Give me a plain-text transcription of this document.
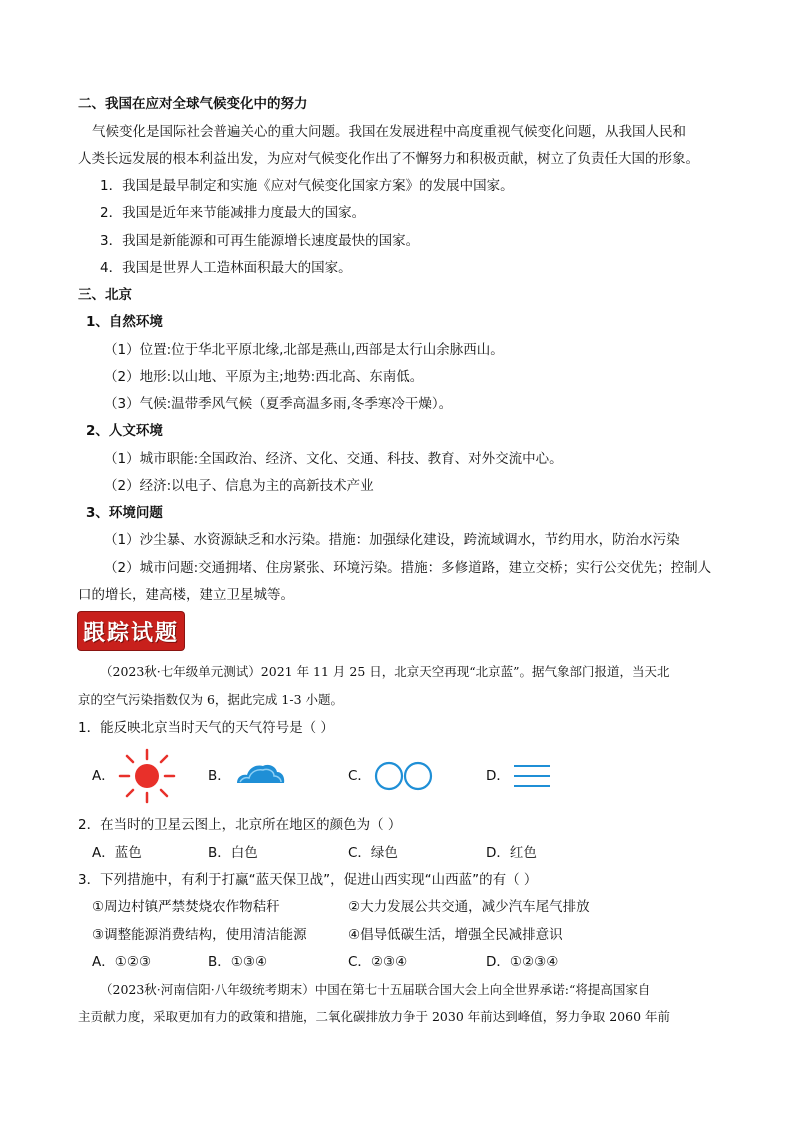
二、我国在应对全球气候变化中的努力
气候变化是国际社会普遍关心的重大问题。我国在发展进程中高度重视气候变化问题，从我国人民和
人类长远发展的根本利益出发，为应对气候变化作出了不懈努力和积极贡献，树立了负责任大国的形象。
1．我国是最早制定和实施《应对气候变化国家方案》的发展中国家。
2．我国是近年来节能减排力度最大的国家。
3．我国是新能源和可再生能源增长速度最快的国家。
4．我国是世界人工造林面积最大的国家。
三、北京
1、自然环境
（1）位置:位于华北平原北缘,北部是燕山,西部是太行山余脉西山。
（2）地形:以山地、平原为主;地势:西北高、东南低。
（3）气候:温带季风气候（夏季高温多雨,冬季寒冷干燥）。
2、人文环境
（1）城市职能:全国政治、经济、文化、交通、科技、教育、对外交流中心。
（2）经济:以电子、信息为主的高新技术产业
3、环境问题
（1）沙尘暴、水资源缺乏和水污染。措施：加强绿化建设，跨流域调水，节约用水，防治水污染
（2）城市问题:交通拥堵、住房紧张、环境污染。措施：多修道路，建立交桥；实行公交优先；控制人
口的增长，建高楼，建立卫星城等。
跟踪试题
（2023秋·七年级单元测试）2021 年 11 月 25 日，北京天空再现“北京蓝”。据气象部门报道，当天北
京的空气污染指数仅为 6，据此完成 1-3 小题。
1．能反映北京当时天气的天气符号是（ ）
A．	B．	C．	D．
2．在当时的卫星云图上，北京所在地区的颜色为（ ）
A．蓝色	B．白色	C．绿色	D．红色
3．下列措施中，有利于打赢“蓝天保卫战”，促进山西实现“山西蓝”的有（ ）
①周边村镇严禁焚烧农作物秸秆	②大力发展公共交通，减少汽车尾气排放
③调整能源消费结构，使用清洁能源	④倡导低碳生活，增强全民减排意识
A．①②③	B．①③④	C．②③④	D．①②③④
（2023秋·河南信阳·八年级统考期末）中国在第七十五届联合国大会上向全世界承诺:“将提高国家自
主贡献力度，采取更加有力的政策和措施，二氧化碳排放力争于 2030 年前达到峰值，努力争取 2060 年前
